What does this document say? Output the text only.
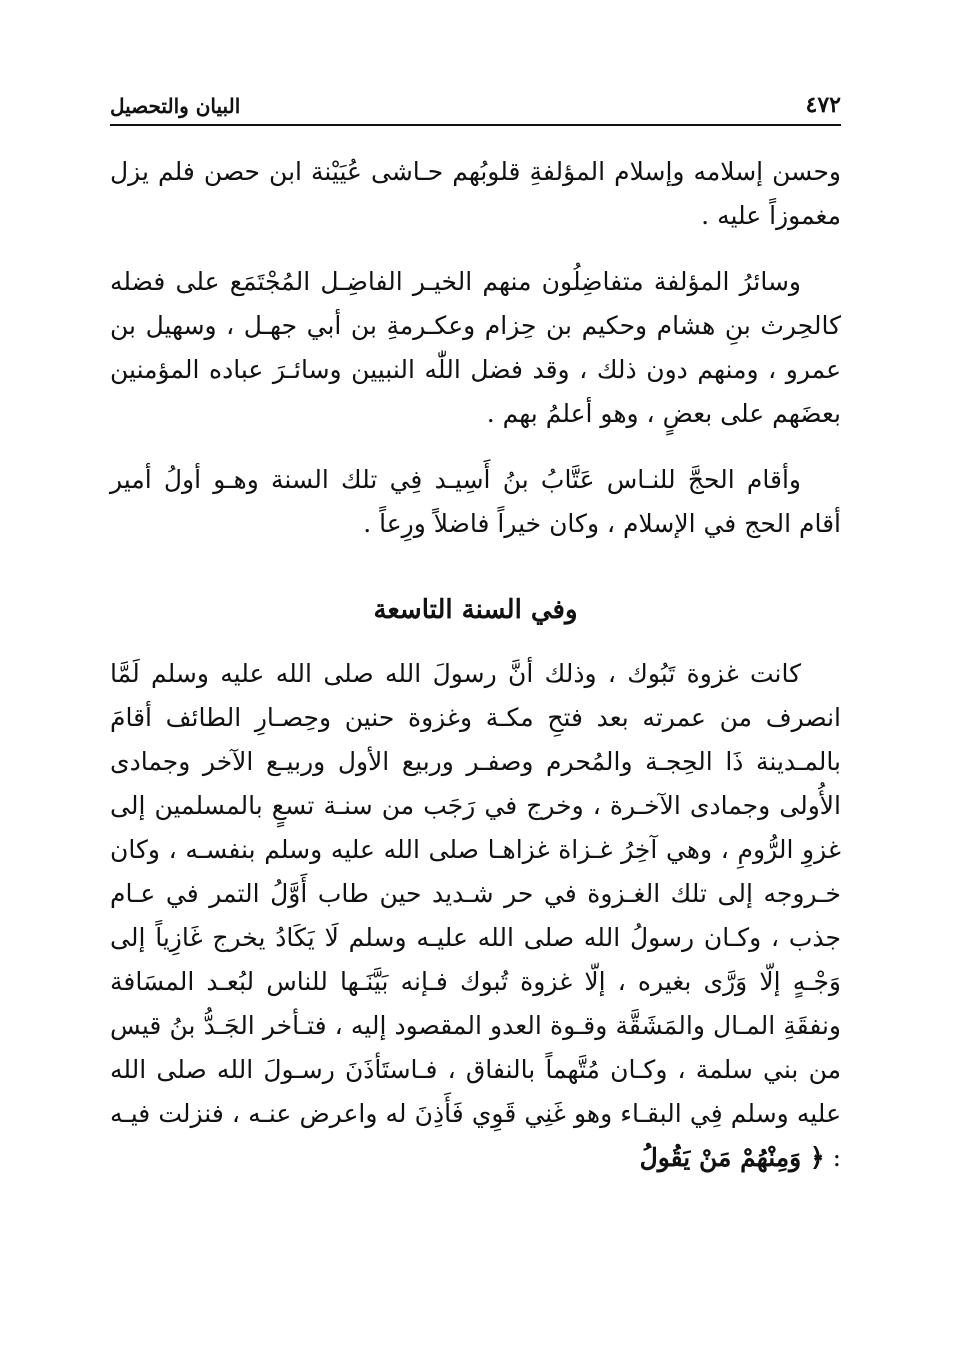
البيان والتحصيل	٤٧٢

وحسن إسلامه وإسلام المؤلفةِ قلوبُهم حـاشى عُيَيْنة ابن حصن فلم يزل مغموزاً عليه .

وسائرُ المؤلفة متفاضِلُون منهم الخيـر الفاضِـل المُجْتَمَع على فضله كالحِرث بنِ هشام وحكيم بن حِزام وعكـرمةِ بن أبي جهـل ، وسهيل بن عمرو ، ومنهم دون ذلك ، وقد فضل اللّٰه النبيين وسائـرَ عباده المؤمنين بعضَهم على بعضٍ ، وهو أعلمُ بهم .

وأقام الحجَّ للنـاس عَتَّابُ بنُ أَسِيـد فِي تلك السنة وهـو أولُ أمير أقام الحج في الإسلام ، وكان خيراً فاضلاً ورِعاً .

وفي السنة التاسعة

كانت غزوة تَبُوك ، وذلك أنَّ رسولَ الله صلى الله عليه وسلم لَمَّا انصرف من عمرته بعد فتحِ مكـة وغزوة حنين وحِصـارِ الطائف أقامَ بالمـدينة ذَا الحِجـة والمُحرم وصفـر وربيع الأول وربيـع الآخر وجمادى الأُولى وجمادى الآخـرة ، وخرج في رَجَب من سنـة تسعٍ بالمسلمين إلى غزوِ الرُّومِ ، وهي آخِرُ غـزاة غزاهـا صلى الله عليه وسلم بنفسـه ، وكان خـروجه إلى تلك الغـزوة في حر شـديد حين طاب أَوَّلُ التمر في عـام جذب ، وكـان رسولُ الله صلى الله عليـه وسلم لَا يَكَادُ يخرج غَازِياً إلى وَجْـهٍ إلّا وَرَّى بغيره ، إلّا غزوة تُبوك فـإنه بَيَّنَـها للناس لبُعـد المسَافة ونفقَةِ المـال والمَشَقَّة وقـوة العدو المقصود إليه ، فتـأخر الجَـدُّ بنُ قيس من بني سلمة ، وكـان مُتَّهماً بالنفاق ، فـاستَأذَنَ رسـولَ الله صلى الله عليه وسلم فِي البقـاء وهو غَنِي قَوِي فَأَذِنَ له واعرض عنـه ، فنزلت فيـه : ﴿ وَمِنْهُمْ مَنْ يَقُولُ
